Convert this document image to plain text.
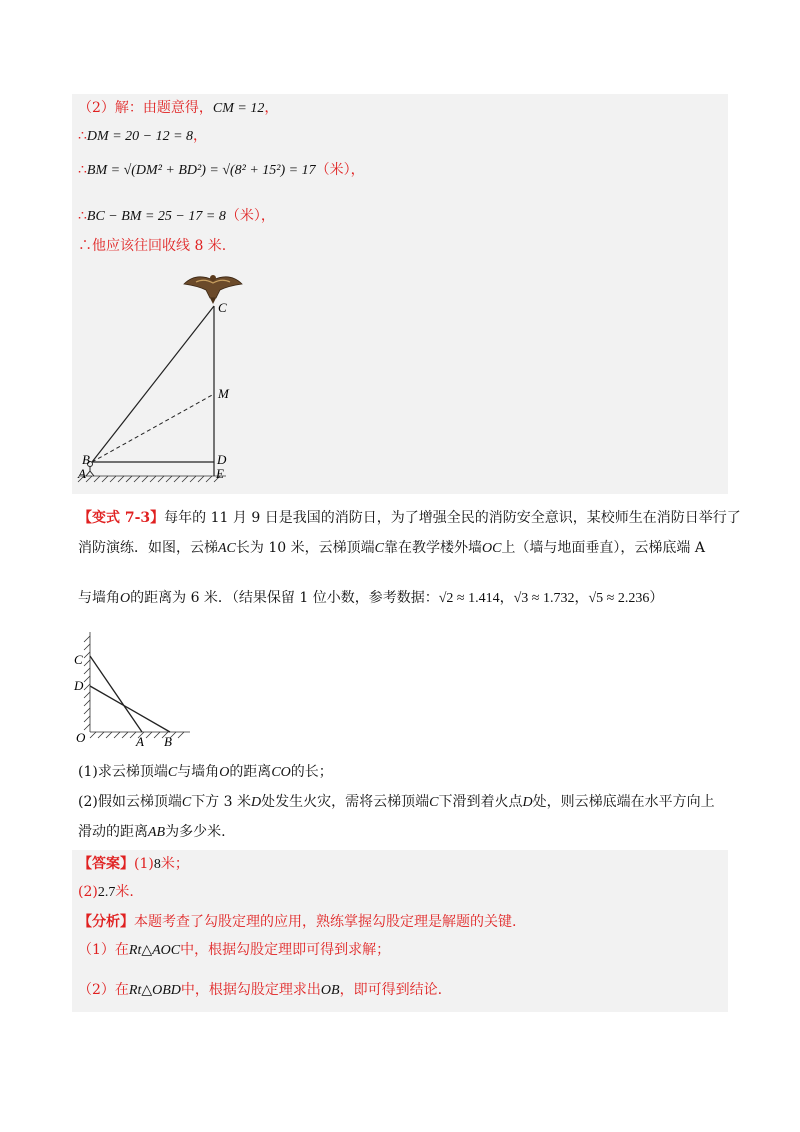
（2）解：由题意得，CM = 12，
∴DM = 20 − 12 = 8，
∴BM = √(DM² + BD²) = √(8² + 15²) = 17（米），
∴BC − BM = 25 − 17 = 8（米），
∴他应该往回收线 8 米.
C
M
B	D
A	E
【变式 7-3】每年的 11 月 9 日是我国的消防日，为了增强全民的消防安全意识，某校师生在消防日举行了
消防演练．如图，云梯AC长为 10 米，云梯顶端C靠在教学楼外墙OC上（墙与地面垂直），云梯底端 A
与墙角O的距离为 6 米．（结果保留 1 位小数，参考数据：√2 ≈ 1.414，√3 ≈ 1.732，√5 ≈ 2.236）
C
D
O	A B
(1)求云梯顶端C与墙角O的距离CO的长；
(2)假如云梯顶端C下方 3 米D处发生火灾，需将云梯顶端C下滑到着火点D处，则云梯底端在水平方向上
滑动的距离AB为多少米.
【答案】(1)8米；
(2)2.7米.
【分析】本题考查了勾股定理的应用，熟练掌握勾股定理是解题的关键.
（1）在Rt△AOC中，根据勾股定理即可得到求解；
（2）在Rt△OBD中，根据勾股定理求出OB，即可得到结论.
